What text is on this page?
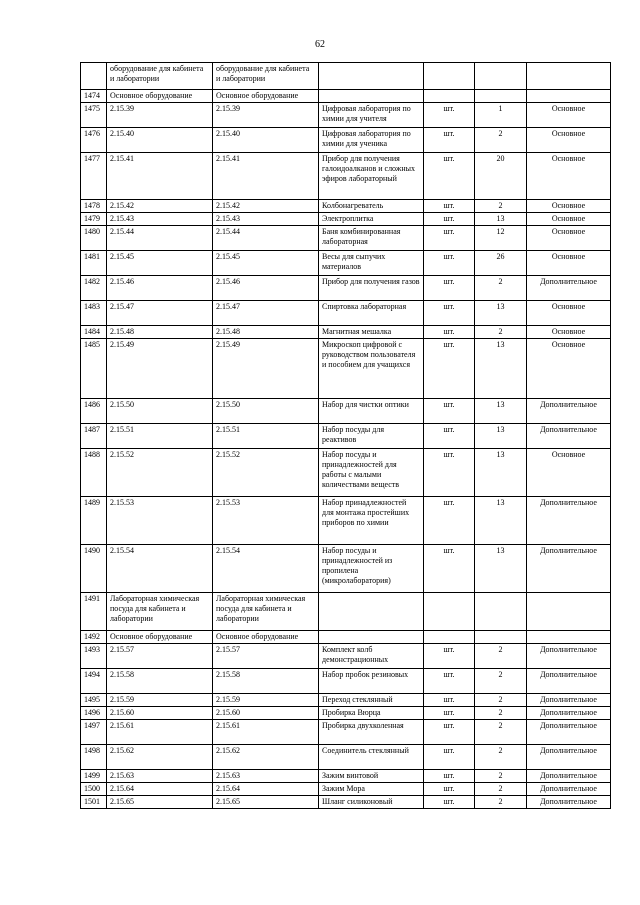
62
	оборудование для кабинета и лаборатории	оборудование для кабинета и лаборатории				
1474	Основное оборудование	Основное оборудование				
1475	2.15.39	2.15.39	Цифровая лаборатория по химии для учителя	шт.	1	Основное
1476	2.15.40	2.15.40	Цифровая лаборатория по химии для ученика	шт.	2	Основное
1477	2.15.41	2.15.41	Прибор для получения галоидоалканов и сложных эфиров лабораторный	шт.	20	Основное
1478	2.15.42	2.15.42	Колбонагреватель	шт.	2	Основное
1479	2.15.43	2.15.43	Электроплитка	шт.	13	Основное
1480	2.15.44	2.15.44	Баня комбинированная лабораторная	шт.	12	Основное
1481	2.15.45	2.15.45	Весы для сыпучих материалов	шт.	26	Основное
1482	2.15.46	2.15.46	Прибор для получения газов	шт.	2	Дополнительное
1483	2.15.47	2.15.47	Спиртовка лабораторная	шт.	13	Основное
1484	2.15.48	2.15.48	Магнитная мешалка	шт.	2	Основное
1485	2.15.49	2.15.49	Микроскоп цифровой с руководством пользователя и пособием для учащихся	шт.	13	Основное
1486	2.15.50	2.15.50	Набор для чистки оптики	шт.	13	Дополнительное
1487	2.15.51	2.15.51	Набор посуды для реактивов	шт.	13	Дополнительное
1488	2.15.52	2.15.52	Набор посуды и принадлежностей для работы с малыми количествами веществ	шт.	13	Основное
1489	2.15.53	2.15.53	Набор принадлежностей для монтажа простейших приборов по химии	шт.	13	Дополнительное
1490	2.15.54	2.15.54	Набор посуды и принадлежностей из пропилена (микролаборатория)	шт.	13	Дополнительное
1491	Лабораторная химическая посуда для кабинета и лаборатории	Лабораторная химическая посуда для кабинета и лаборатории				
1492	Основное оборудование	Основное оборудование				
1493	2.15.57	2.15.57	Комплект колб демонстрационных	шт.	2	Дополнительное
1494	2.15.58	2.15.58	Набор пробок резиновых	шт.	2	Дополнительное
1495	2.15.59	2.15.59	Переход стеклянный	шт.	2	Дополнительное
1496	2.15.60	2.15.60	Пробирка Вюрца	шт.	2	Дополнительное
1497	2.15.61	2.15.61	Пробирка двухколенная	шт.	2	Дополнительное
1498	2.15.62	2.15.62	Соединитель стеклянный	шт.	2	Дополнительное
1499	2.15.63	2.15.63	Зажим винтовой	шт.	2	Дополнительное
1500	2.15.64	2.15.64	Зажим Мора	шт.	2	Дополнительное
1501	2.15.65	2.15.65	Шланг силиконовый	шт.	2	Дополнительное
